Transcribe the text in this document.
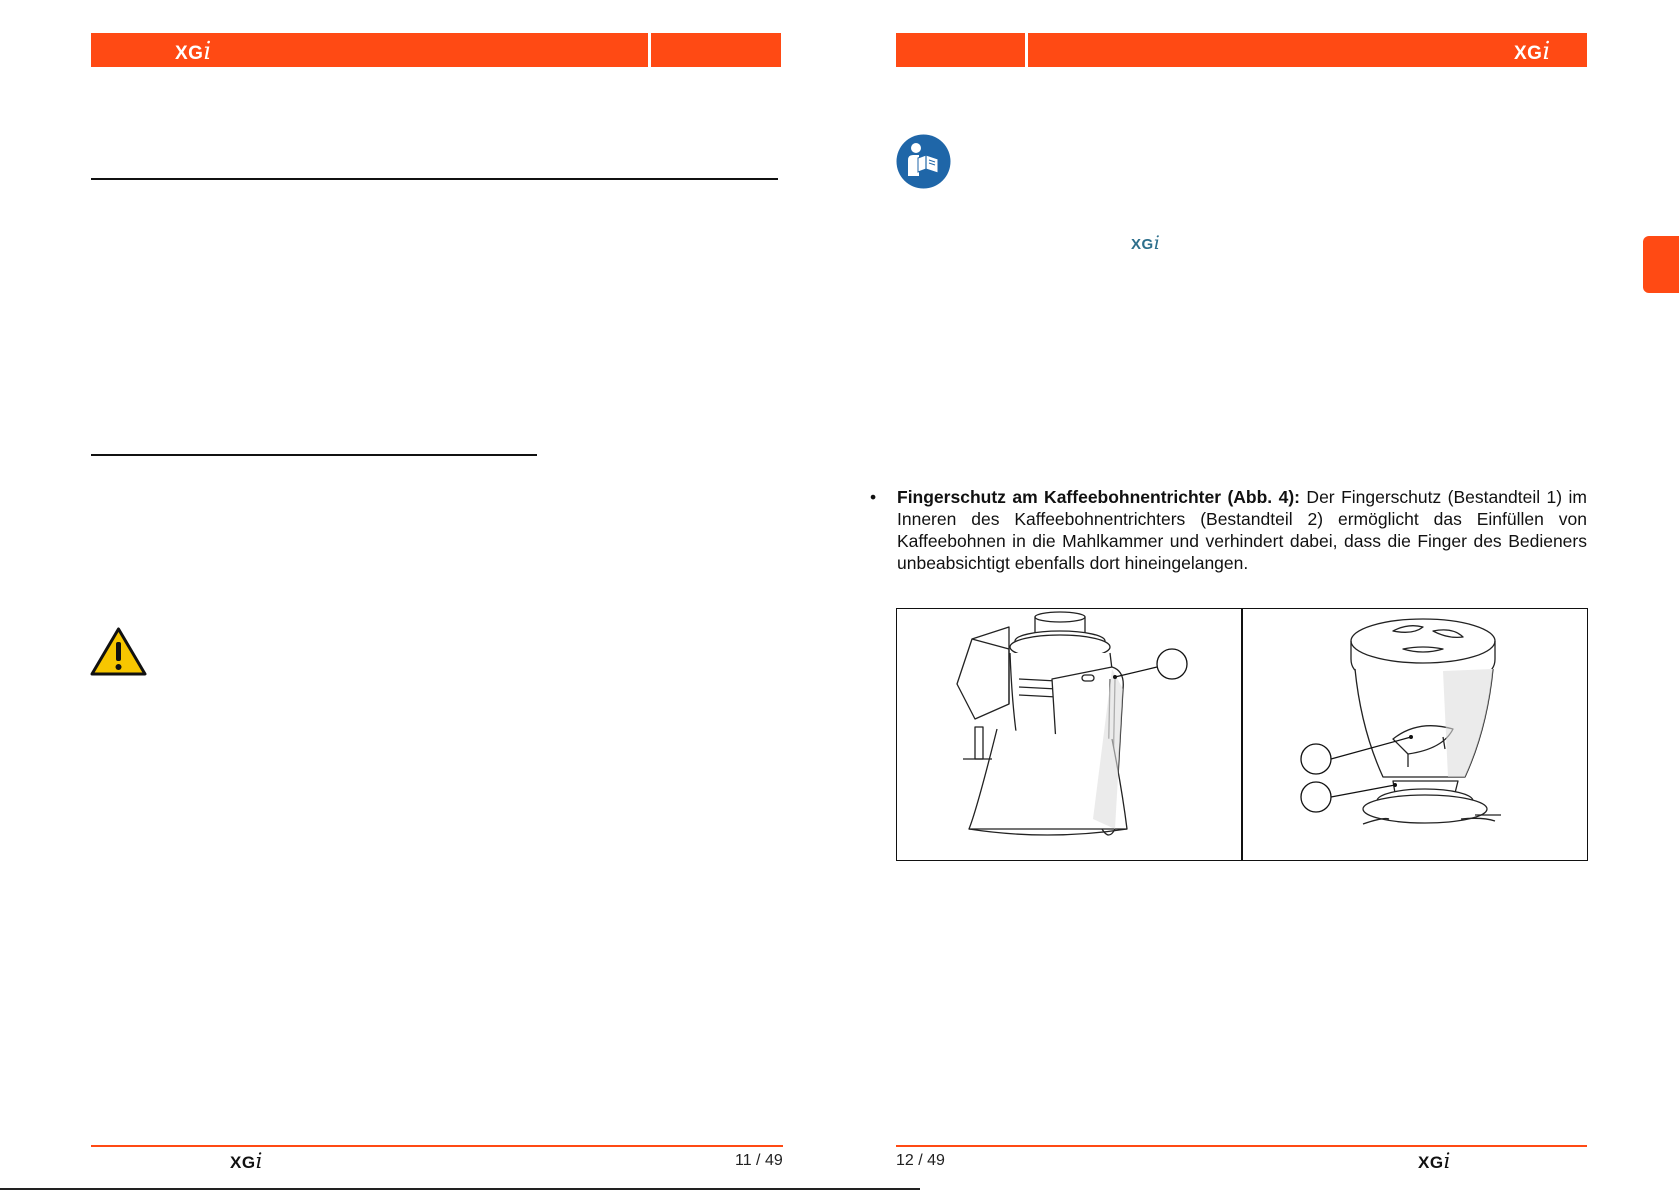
XGi
XGi	11 / 49
XGi
XGi
• Fingerschutz am Kaffeebohnentrichter (Abb. 4): Der Fingerschutz (Bestandteil 1) im Inneren des Kaffeebohnentrichters (Bestandteil 2) ermöglicht das Einfüllen von Kaffeebohnen in die Mahlkammer und verhindert dabei, dass die Finger des Bedieners unbeabsichtigt ebenfalls dort hineingelangen.
12 / 49	XGi
